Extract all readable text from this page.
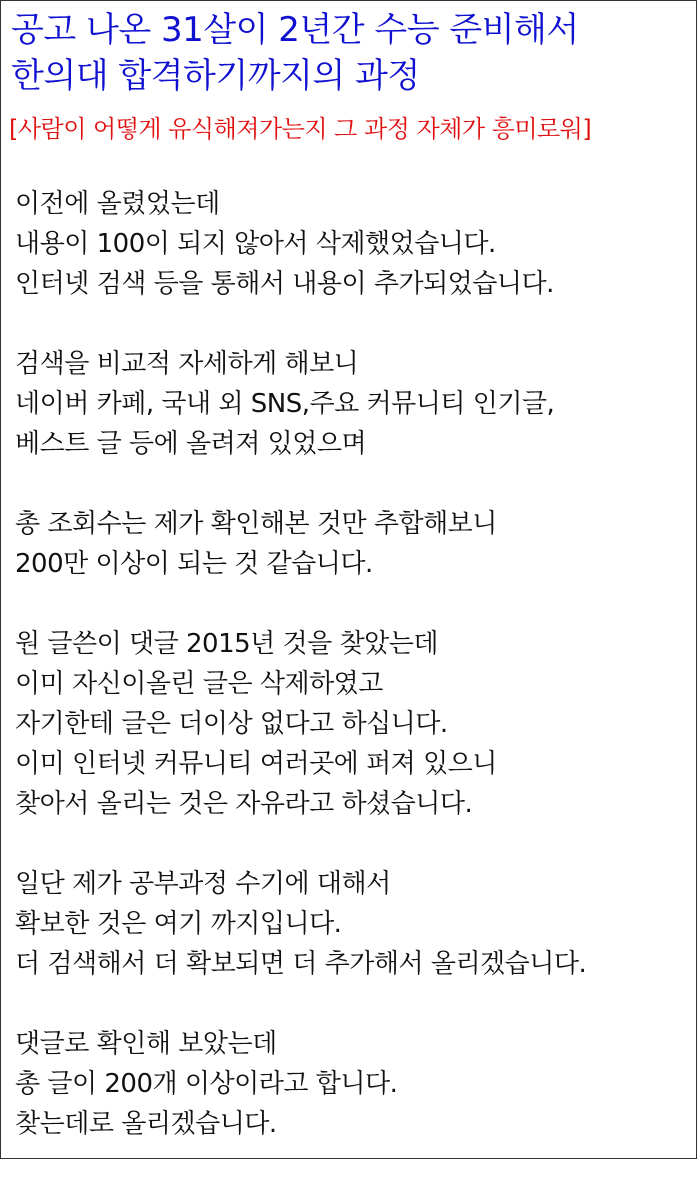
공고 나온 31살이 2년간 수능 준비해서
한의대 합격하기까지의 과정
[사람이 어떻게 유식해져가는지 그 과정 자체가 흥미로워]
이전에 올렸었는데
내용이 100이 되지 않아서 삭제했었습니다.
인터넷 검색 등을 통해서 내용이 추가되었습니다.
검색을 비교적 자세하게 해보니
네이버 카페, 국내 외 SNS,주요 커뮤니티 인기글,
베스트 글 등에 올려져 있었으며
총 조회수는 제가 확인해본 것만 추합해보니
200만 이상이 되는 것 같습니다.
원 글쓴이 댓글 2015년 것을 찾았는데
이미 자신이올린 글은 삭제하였고
자기한테 글은 더이상 없다고 하십니다.
이미 인터넷 커뮤니티 여러곳에 퍼져 있으니
찾아서 올리는 것은 자유라고 하셨습니다.
일단 제가 공부과정 수기에 대해서
확보한 것은 여기 까지입니다.
더 검색해서 더 확보되면 더 추가해서 올리겠습니다.
댓글로 확인해 보았는데
총 글이 200개 이상이라고 합니다.
찾는데로 올리겠습니다.
